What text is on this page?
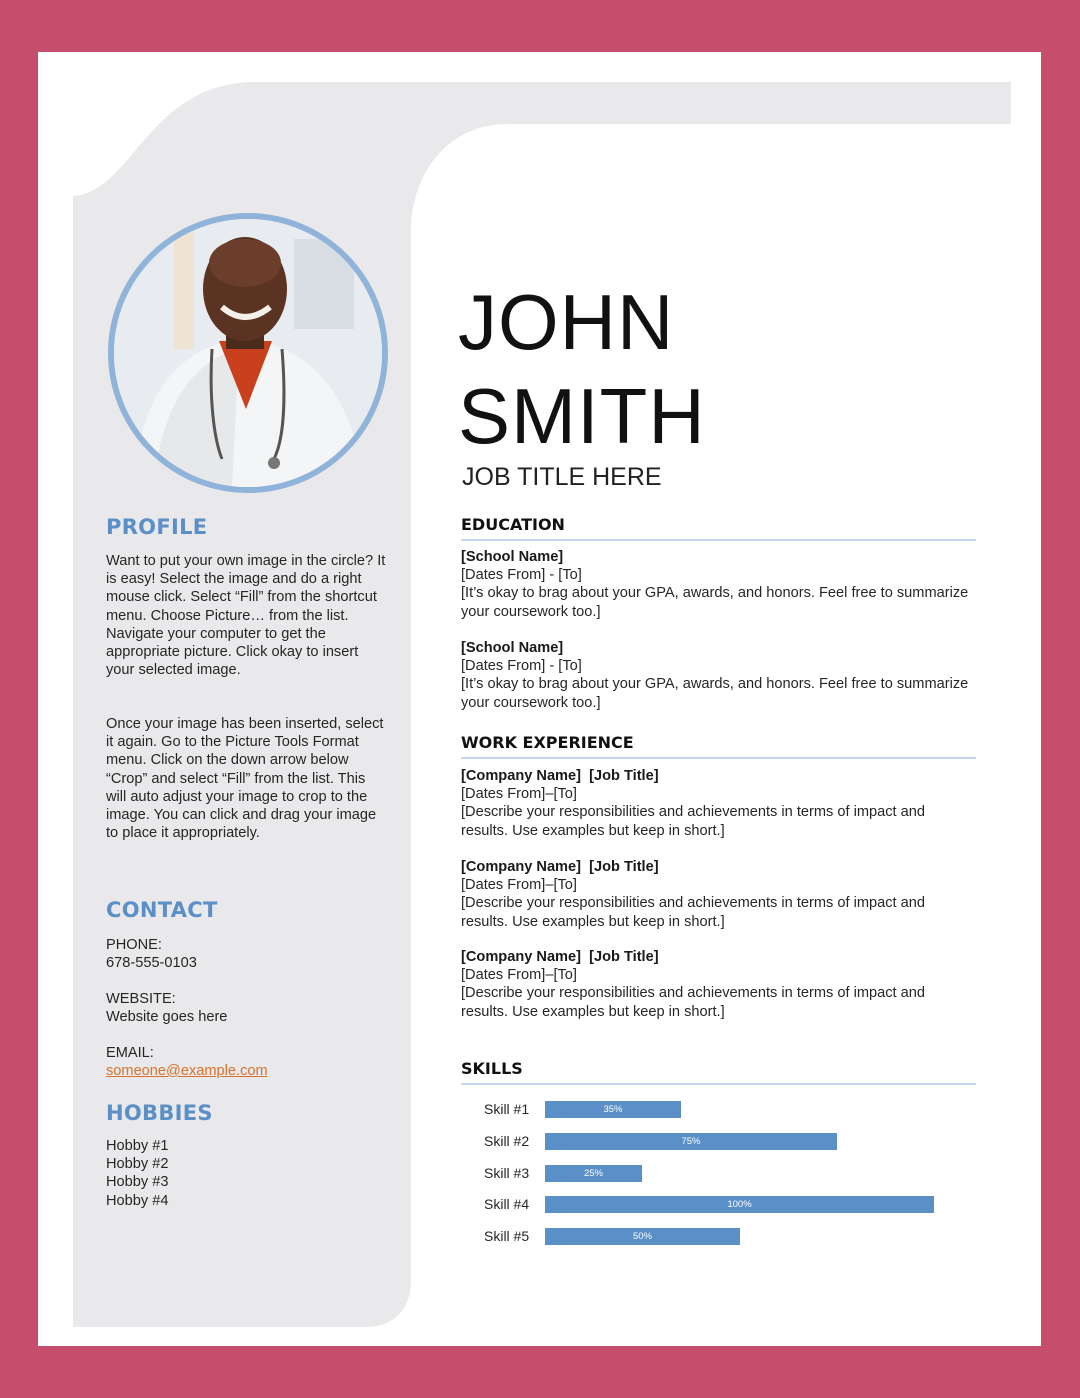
PROFILE
Want to put your own image in the circle? It is easy! Select the image and do a right mouse click. Select “Fill” from the shortcut menu. Choose Picture… from the list. Navigate your computer to get the appropriate picture. Click okay to insert your selected image.
Once your image has been inserted, select it again. Go to the Picture Tools Format menu. Click on the down arrow below “Crop” and select “Fill” from the list. This will auto adjust your image to crop to the image. You can click and drag your image to place it appropriately.
CONTACT
PHONE:
678-555-0103
WEBSITE:
Website goes here
EMAIL:
someone@example.com
HOBBIES
Hobby #1
Hobby #2
Hobby #3
Hobby #4
JOHN
SMITH
JOB TITLE HERE
EDUCATION
[School Name]
[Dates From] - [To]
[It’s okay to brag about your GPA, awards, and honors. Feel free to summarize your coursework too.]
[School Name]
[Dates From] - [To]
[It’s okay to brag about your GPA, awards, and honors. Feel free to summarize your coursework too.]
WORK EXPERIENCE
[Company Name] [Job Title]
[Dates From]–[To]
[Describe your responsibilities and achievements in terms of impact and results. Use examples but keep in short.]
[Company Name] [Job Title]
[Dates From]–[To]
[Describe your responsibilities and achievements in terms of impact and results. Use examples but keep in short.]
[Company Name] [Job Title]
[Dates From]–[To]
[Describe your responsibilities and achievements in terms of impact and results. Use examples but keep in short.]
SKILLS
Skill #1	35%
Skill #2	75%
Skill #3	25%
Skill #4	100%
Skill #5	50%
